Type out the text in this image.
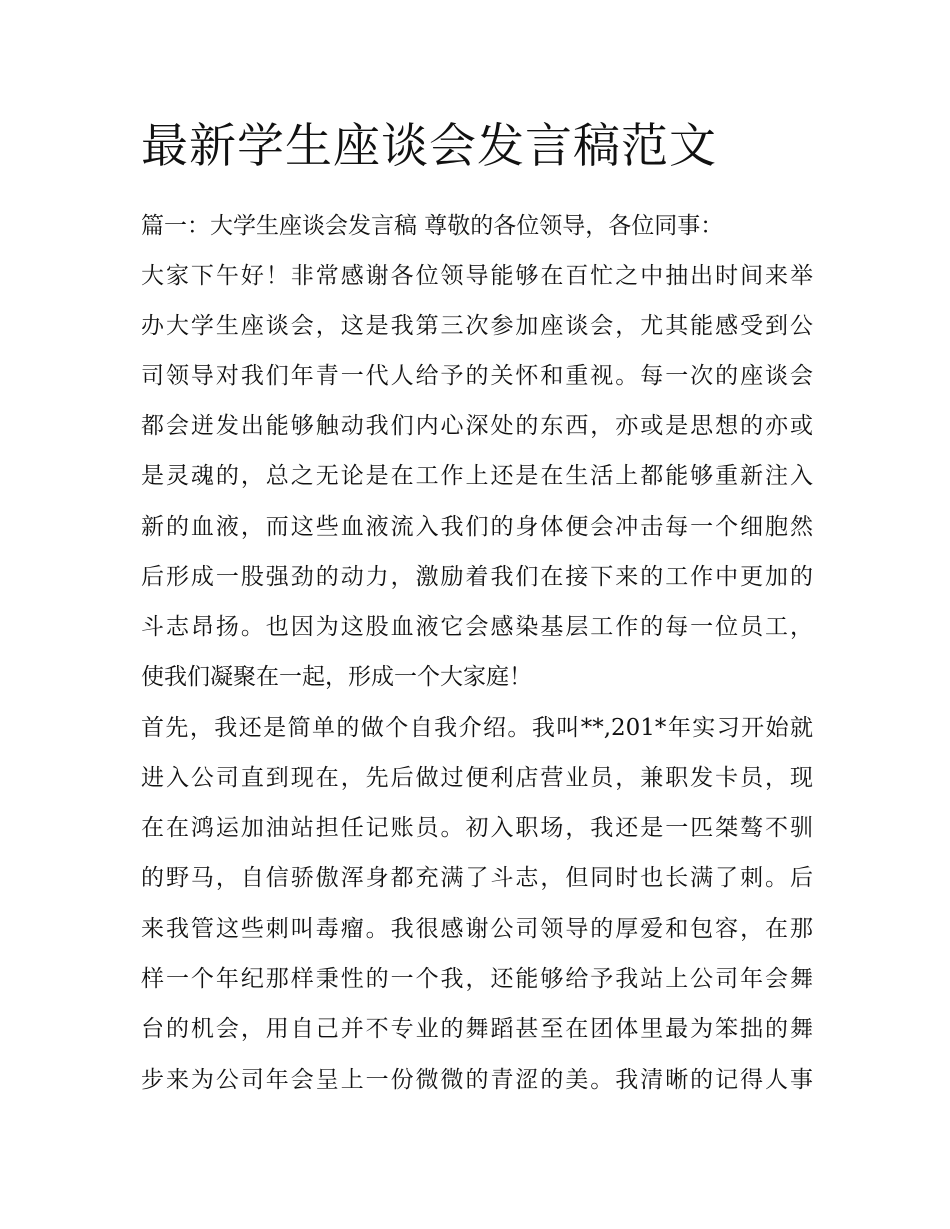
最新学生座谈会发言稿范文
篇一：大学生座谈会发言稿 尊敬的各位领导，各位同事：
大家下午好！非常感谢各位领导能够在百忙之中抽出时间来举
办大学生座谈会，这是我第三次参加座谈会，尤其能感受到公
司领导对我们年青一代人给予的关怀和重视。每一次的座谈会
都会迸发出能够触动我们内心深处的东西，亦或是思想的亦或
是灵魂的，总之无论是在工作上还是在生活上都能够重新注入
新的血液，而这些血液流入我们的身体便会冲击每一个细胞然
后形成一股强劲的动力，激励着我们在接下来的工作中更加的
斗志昂扬。也因为这股血液它会感染基层工作的每一位员工，
使我们凝聚在一起，形成一个大家庭！
首先，我还是简单的做个自我介绍。我叫**,201*年实习开始就
进入公司直到现在，先后做过便利店营业员，兼职发卡员，现
在在鸿运加油站担任记账员。初入职场，我还是一匹桀骜不驯
的野马，自信骄傲浑身都充满了斗志，但同时也长满了刺。后
来我管这些刺叫毒瘤。我很感谢公司领导的厚爱和包容，在那
样一个年纪那样秉性的一个我，还能够给予我站上公司年会舞
台的机会，用自己并不专业的舞蹈甚至在团体里最为笨拙的舞
步来为公司年会呈上一份微微的青涩的美。我清晰的记得人事
